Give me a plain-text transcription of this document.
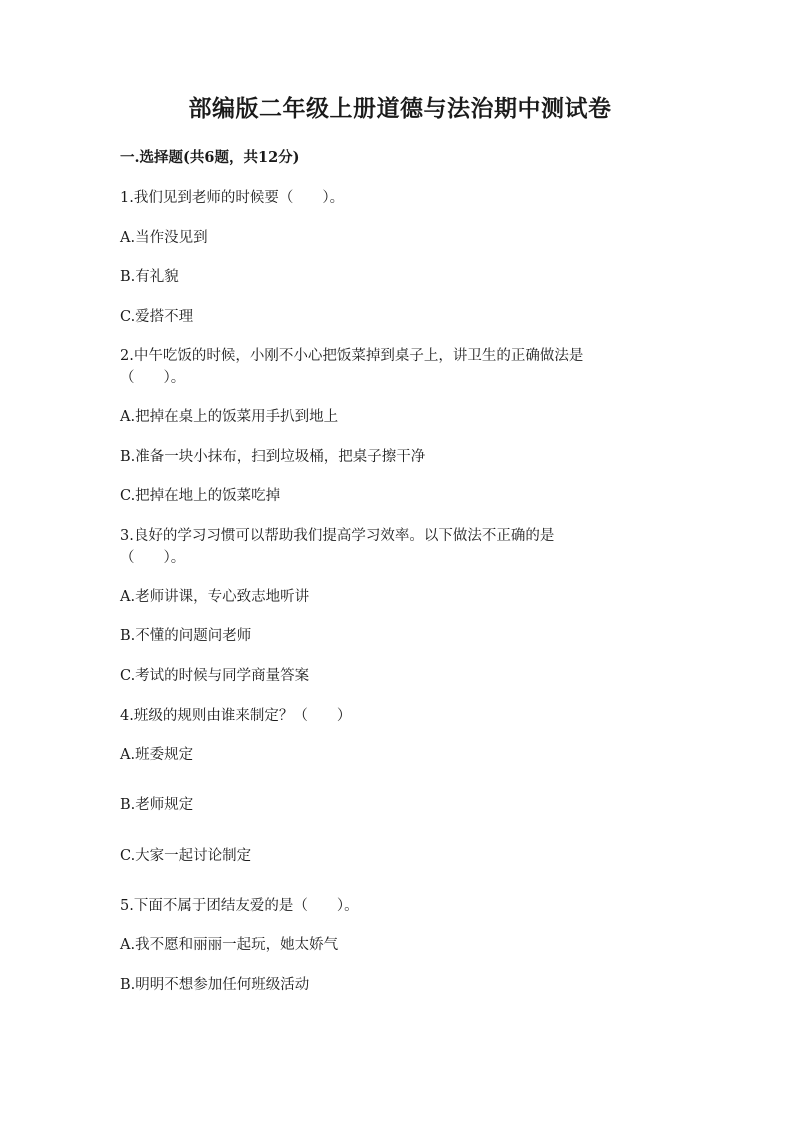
部编版二年级上册道德与法治期中测试卷
一.选择题(共6题，共12分)
1.我们见到老师的时候要（　　）。
A.当作没见到
B.有礼貌
C.爱搭不理
2.中午吃饭的时候，小刚不小心把饭菜掉到桌子上，讲卫生的正确做法是
（　　）。
A.把掉在桌上的饭菜用手扒到地上
B.准备一块小抹布，扫到垃圾桶，把桌子擦干净
C.把掉在地上的饭菜吃掉
3.良好的学习习惯可以帮助我们提高学习效率。以下做法不正确的是
（　　）。
A.老师讲课，专心致志地听讲
B.不懂的问题问老师
C.考试的时候与同学商量答案
4.班级的规则由谁来制定？（　　）
A.班委规定
B.老师规定
C.大家一起讨论制定
5.下面不属于团结友爱的是（　　）。
A.我不愿和丽丽一起玩，她太娇气
B.明明不想参加任何班级活动
